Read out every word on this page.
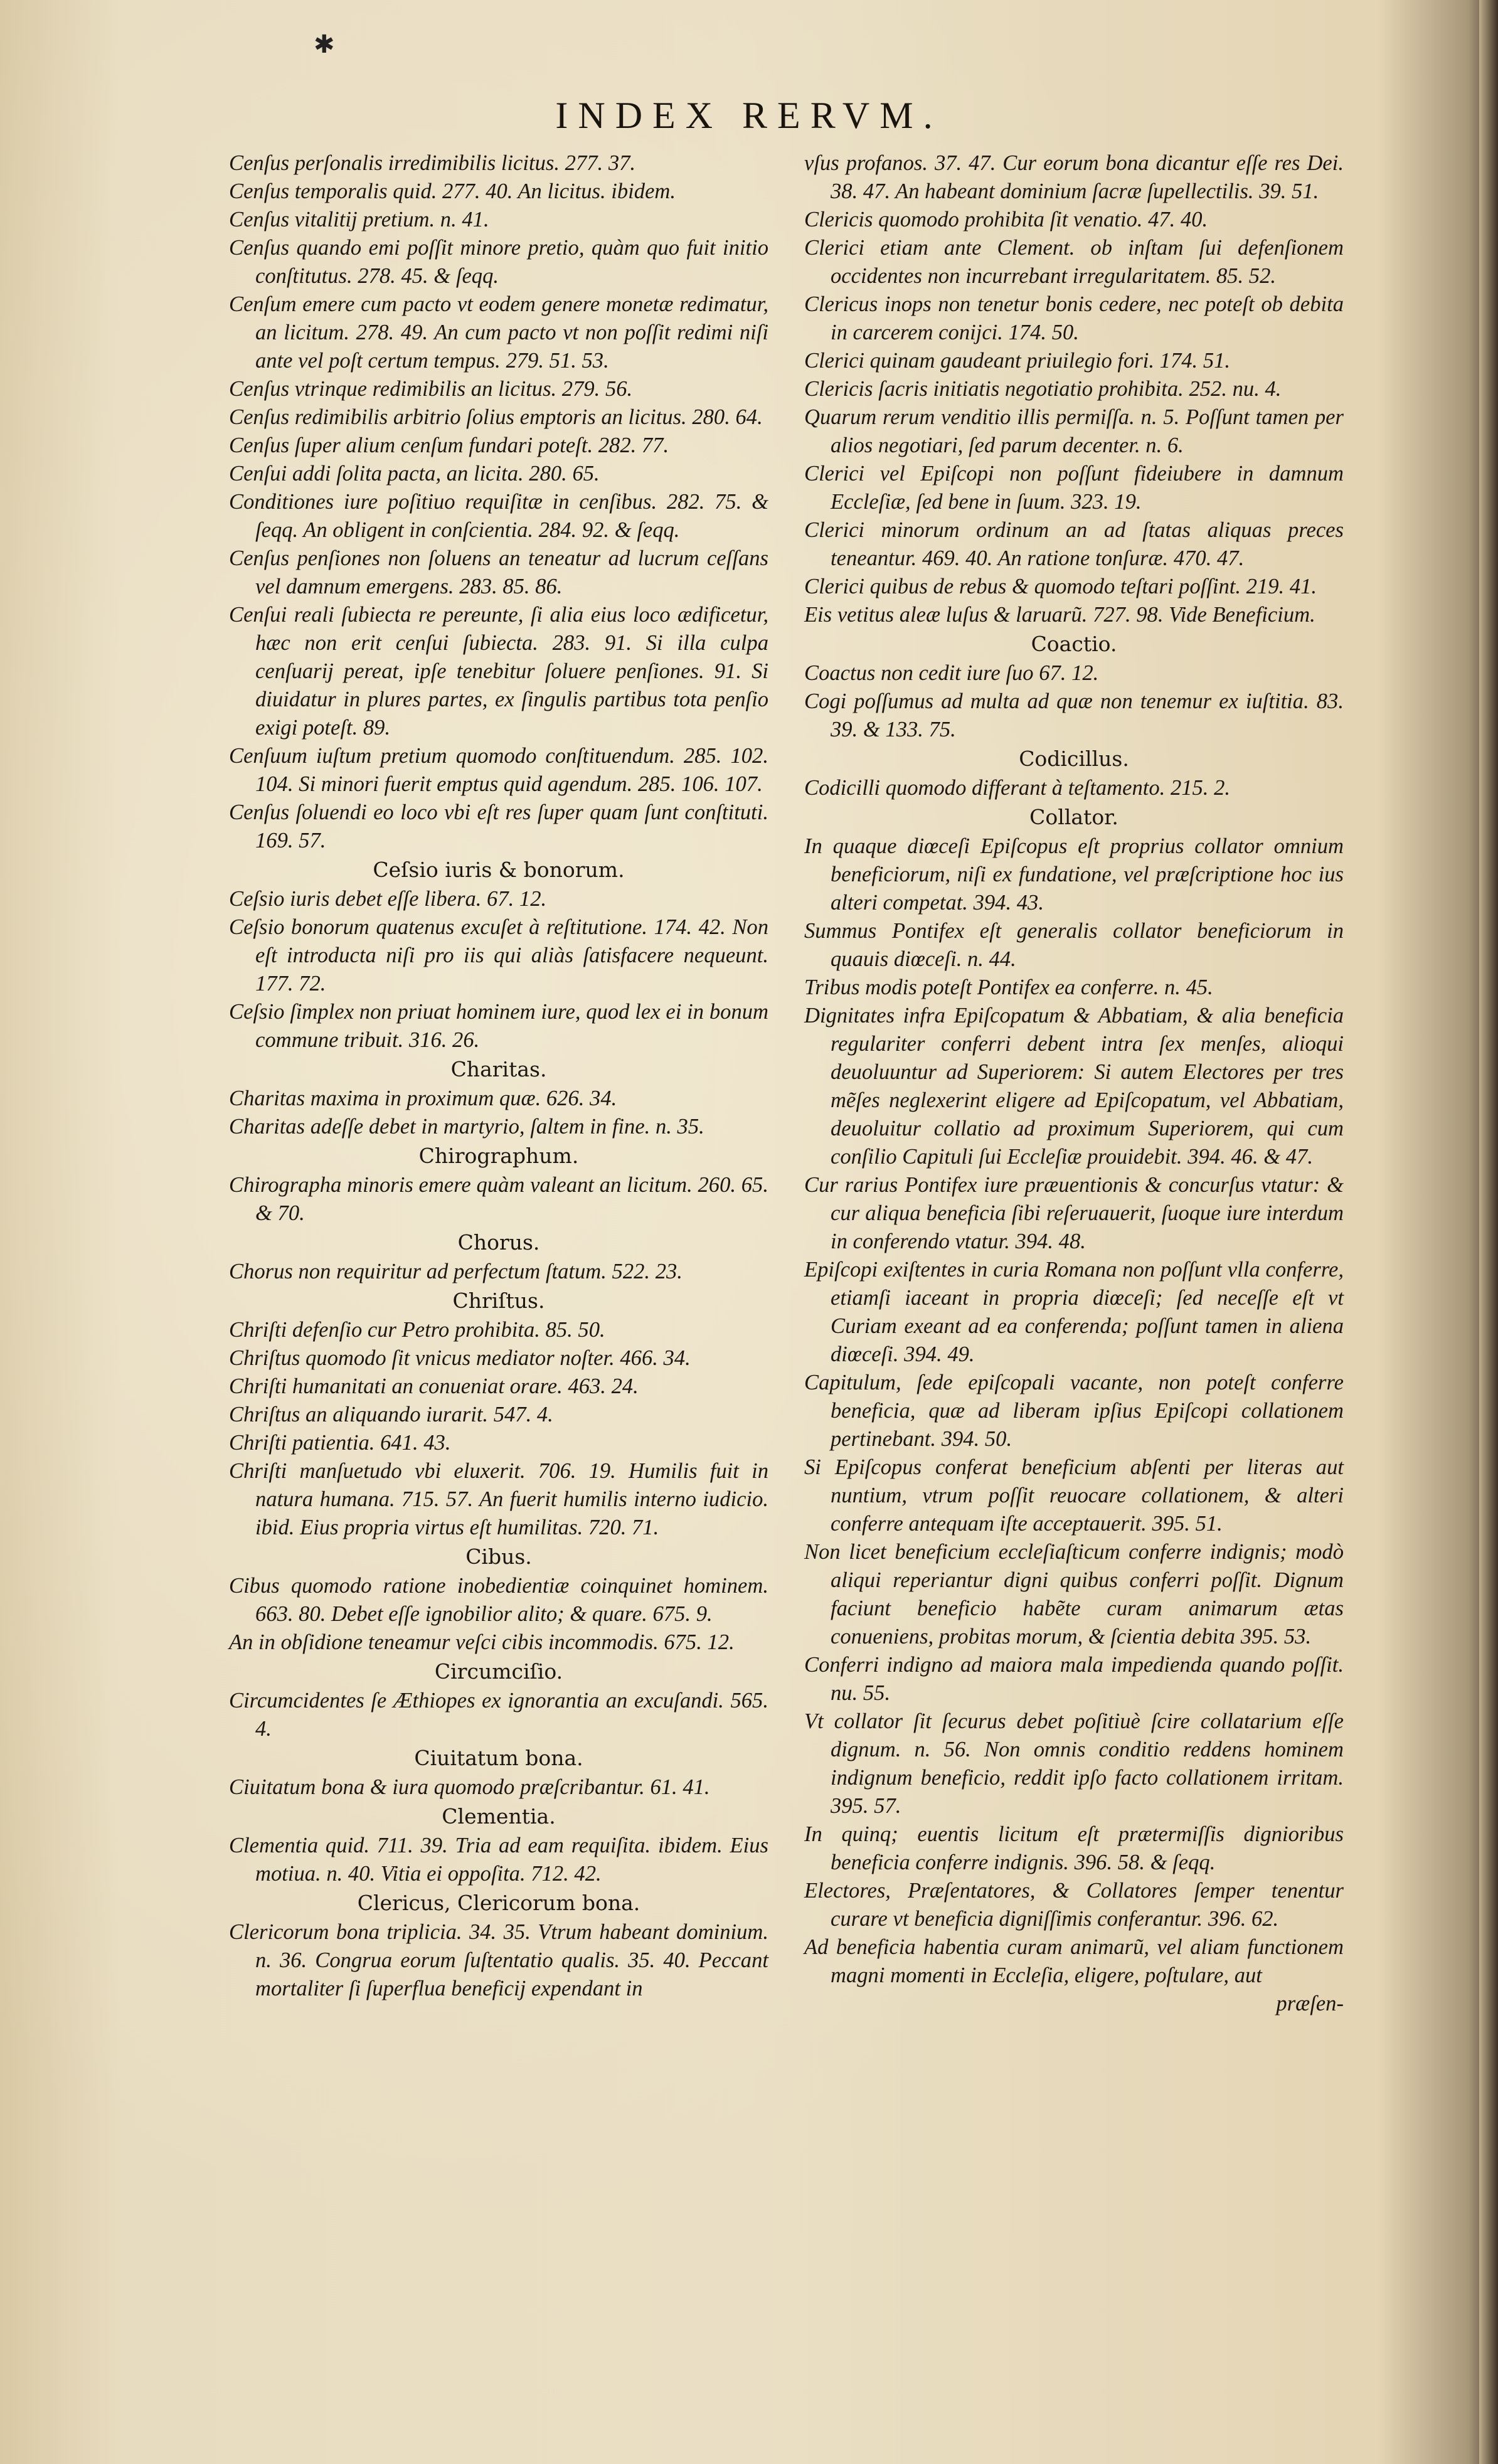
✱
INDEX RERVM.
Cenſus perſonalis irredimibilis licitus. 277. 37.
Cenſus temporalis quid. 277. 40. An licitus. ibidem.
Cenſus vitalitij pretium. n. 41.
Cenſus quando emi poſſit minore pretio, quàm quo fuit initio conſtitutus. 278. 45. & ſeqq.
Cenſum emere cum pacto vt eodem genere monetæ redimatur, an licitum. 278. 49. An cum pacto vt non poſſit redimi niſi ante vel poſt certum tempus. 279. 51. 53.
Cenſus vtrinque redimibilis an licitus. 279. 56.
Cenſus redimibilis arbitrio ſolius emptoris an licitus. 280. 64.
Cenſus ſuper alium cenſum fundari poteſt. 282. 77.
Cenſui addi ſolita pacta, an licita. 280. 65.
Conditiones iure poſitiuo requiſitæ in cenſibus. 282. 75. & ſeqq. An obligent in conſcientia. 284. 92. & ſeqq.
Cenſus penſiones non ſoluens an teneatur ad lucrum ceſſans vel damnum emergens. 283. 85. 86.
Cenſui reali ſubiecta re pereunte, ſi alia eius loco ædificetur, hæc non erit cenſui ſubiecta. 283. 91. Si illa culpa cenſuarij pereat, ipſe tenebitur ſoluere penſiones. 91. Si diuidatur in plures partes, ex ſingulis partibus tota penſio exigi poteſt. 89.
Cenſuum iuſtum pretium quomodo conſtituendum. 285. 102. 104. Si minori fuerit emptus quid agendum. 285. 106. 107.
Cenſus ſoluendi eo loco vbi eſt res ſuper quam ſunt conſtituti. 169. 57.
Ceſsio iuris & bonorum.
Ceſsio iuris debet eſſe libera. 67. 12.
Ceſsio bonorum quatenus excuſet à reſtitutione. 174. 42. Non eſt introducta niſi pro iis qui aliàs ſatisfacere nequeunt. 177. 72.
Ceſsio ſimplex non priuat hominem iure, quod lex ei in bonum commune tribuit. 316. 26.
Charitas.
Charitas maxima in proximum quæ. 626. 34.
Charitas adeſſe debet in martyrio, ſaltem in fine. n. 35.
Chirographum.
Chirographa minoris emere quàm valeant an licitum. 260. 65. & 70.
Chorus.
Chorus non requiritur ad perfectum ſtatum. 522. 23.
Chriſtus.
Chriſti defenſio cur Petro prohibita. 85. 50.
Chriſtus quomodo ſit vnicus mediator noſter. 466. 34.
Chriſti humanitati an conueniat orare. 463. 24.
Chriſtus an aliquando iurarit. 547. 4.
Chriſti patientia. 641. 43.
Chriſti manſuetudo vbi eluxerit. 706. 19. Humilis fuit in natura humana. 715. 57. An fuerit humilis interno iudicio. ibid. Eius propria virtus eſt humilitas. 720. 71.
Cibus.
Cibus quomodo ratione inobedientiæ coinquinet hominem. 663. 80. Debet eſſe ignobilior alito; & quare. 675. 9.
An in obſidione teneamur veſci cibis incommodis. 675. 12.
Circumciſio.
Circumcidentes ſe Æthiopes ex ignorantia an excuſandi. 565. 4.
Ciuitatum bona.
Ciuitatum bona & iura quomodo præſcribantur. 61. 41.
Clementia.
Clementia quid. 711. 39. Tria ad eam requiſita. ibidem. Eius motiua. n. 40. Vitia ei oppoſita. 712. 42.
Clericus, Clericorum bona.
Clericorum bona triplicia. 34. 35. Vtrum habeant dominium. n. 36. Congrua eorum ſuſtentatio qualis. 35. 40. Peccant mortaliter ſi ſuperflua beneficij expendant in
vſus profanos. 37. 47. Cur eorum bona dicantur eſſe res Dei. 38. 47. An habeant dominium ſacræ ſupellectilis. 39. 51.
Clericis quomodo prohibita ſit venatio. 47. 40.
Clerici etiam ante Clement. ob inſtam ſui defenſionem occidentes non incurrebant irregularitatem. 85. 52.
Clericus inops non tenetur bonis cedere, nec poteſt ob debita in carcerem conijci. 174. 50.
Clerici quinam gaudeant priuilegio fori. 174. 51.
Clericis ſacris initiatis negotiatio prohibita. 252. nu. 4.
Quarum rerum venditio illis permiſſa. n. 5. Poſſunt tamen per alios negotiari, ſed parum decenter. n. 6.
Clerici vel Epiſcopi non poſſunt fideiubere in damnum Eccleſiæ, ſed bene in ſuum. 323. 19.
Clerici minorum ordinum an ad ſtatas aliquas preces teneantur. 469. 40. An ratione tonſuræ. 470. 47.
Clerici quibus de rebus & quomodo teſtari poſſint. 219. 41.
Eis vetitus aleæ luſus & laruarũ. 727. 98. Vide Beneficium.
Coactio.
Coactus non cedit iure ſuo 67. 12.
Cogi poſſumus ad multa ad quæ non tenemur ex iuſtitia. 83. 39. & 133. 75.
Codicillus.
Codicilli quomodo differant à teſtamento. 215. 2.
Collator.
In quaque diœceſi Epiſcopus eſt proprius collator omnium beneficiorum, niſi ex fundatione, vel præſcriptione hoc ius alteri competat. 394. 43.
Summus Pontifex eſt generalis collator beneficiorum in quauis diœceſi. n. 44.
Tribus modis poteſt Pontifex ea conferre. n. 45.
Dignitates infra Epiſcopatum & Abbatiam, & alia beneficia regulariter conferri debent intra ſex menſes, alioqui deuoluuntur ad Superiorem: Si autem Electores per tres mẽſes neglexerint eligere ad Epiſcopatum, vel Abbatiam, deuoluitur collatio ad proximum Superiorem, qui cum conſilio Capituli ſui Eccleſiæ prouidebit. 394. 46. & 47.
Cur rarius Pontifex iure præuentionis & concurſus vtatur: & cur aliqua beneficia ſibi reſeruauerit, ſuoque iure interdum in conferendo vtatur. 394. 48.
Epiſcopi exiſtentes in curia Romana non poſſunt vlla conferre, etiamſi iaceant in propria diœceſi; ſed neceſſe eſt vt Curiam exeant ad ea conferenda; poſſunt tamen in aliena diœceſi. 394. 49.
Capitulum, ſede epiſcopali vacante, non poteſt conferre beneficia, quæ ad liberam ipſius Epiſcopi collationem pertinebant. 394. 50.
Si Epiſcopus conferat beneficium abſenti per literas aut nuntium, vtrum poſſit reuocare collationem, & alteri conferre antequam iſte acceptauerit. 395. 51.
Non licet beneficium eccleſiaſticum conferre indignis; modò aliqui reperiantur digni quibus conferri poſſit. Dignum faciunt beneficio habẽte curam animarum ætas conueniens, probitas morum, & ſcientia debita 395. 53.
Conferri indigno ad maiora mala impedienda quando poſſit. nu. 55.
Vt collator ſit ſecurus debet poſitiuè ſcire collatarium eſſe dignum. n. 56. Non omnis conditio reddens hominem indignum beneficio, reddit ipſo facto collationem irritam. 395. 57.
In quinq; euentis licitum eſt prætermiſſis dignioribus beneficia conferre indignis. 396. 58. & ſeqq.
Electores, Præſentatores, & Collatores ſemper tenentur curare vt beneficia digniſſimis conferantur. 396. 62.
Ad beneficia habentia curam animarũ, vel aliam functionem magni momenti in Eccleſia, eligere, poſtulare, aut
præſen-
